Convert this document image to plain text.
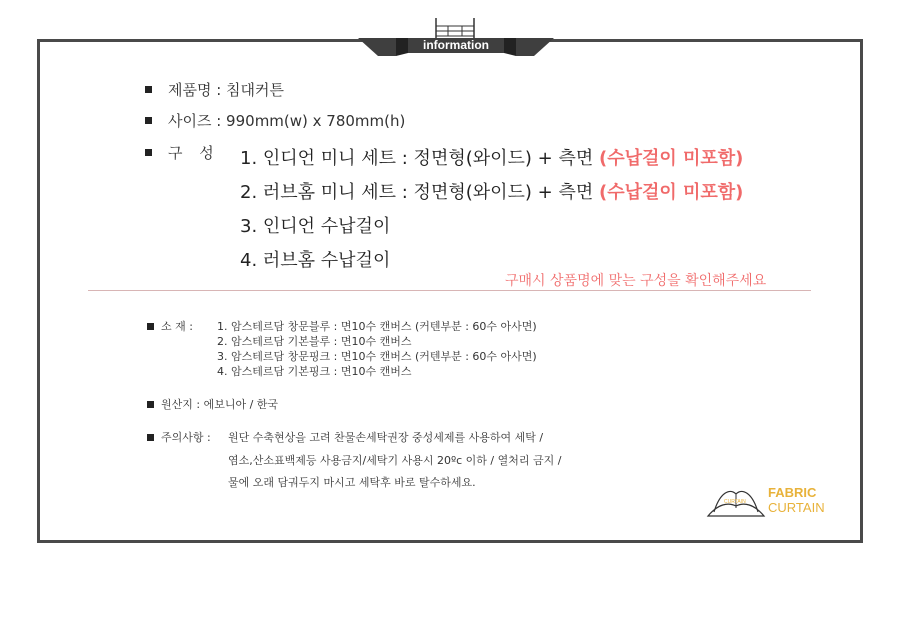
information
제품명 : 침대커튼
사이즈 : 990mm(w) x 780mm(h)
구 성 1. 인디언 미니 세트 : 정면형(와이드) + 측면 (수납걸이 미포함)
2. 러브홈 미니 세트 : 정면형(와이드) + 측면 (수납걸이 미포함)
3. 인디언 수납걸이
4. 러브홈 수납걸이
구매시 상품명에 맞는 구성을 확인해주세요
소 재 : 1. 암스테르담 창문블루 : 면10수 캔버스 (커텐부분 : 60수 아사면)
2. 암스테르담 기본블루 : 면10수 캔버스
3. 암스테르담 창문핑크 : 면10수 캔버스 (커텐부분 : 60수 아사면)
4. 암스테르담 기본핑크 : 면10수 캔버스
원산지 : 에보니아 / 한국
주의사항 : 원단 수축현상을 고려 찬물손세탁권장 중성세제를 사용하여 세탁 /
염소,산소표백제등 사용금지/세탁기 사용시 20ºc 이하 / 열처리 금지 /
물에 오래 담궈두지 마시고 세탁후 바로 탈수하세요.
CURTAIN
FABRIC
CURTAIN
